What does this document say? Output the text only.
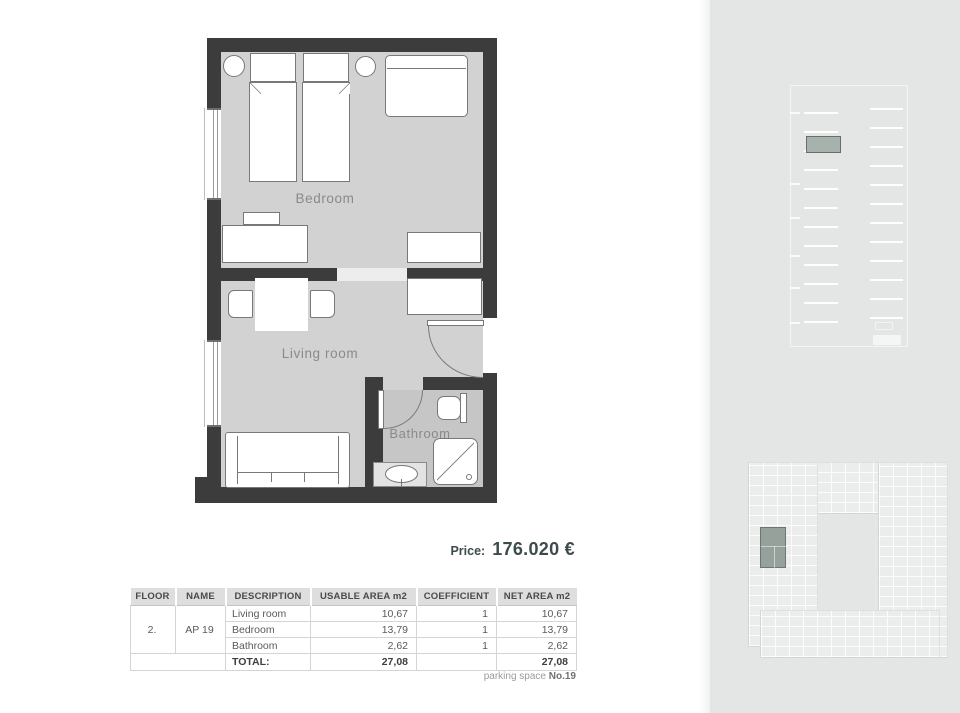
Bedroom
Living room
Bathroom
Price: 176.020 €
FLOOR	NAME	DESCRIPTION	USABLE AREA m2	COEFFICIENT	NET AREA m2
2.	AP 19	Living room	10,67	1	10,67
		Bedroom	13,79	1	13,79
		Bathroom	2,62	1	2,62
		TOTAL:	27,08		27,08
parking space No.19
